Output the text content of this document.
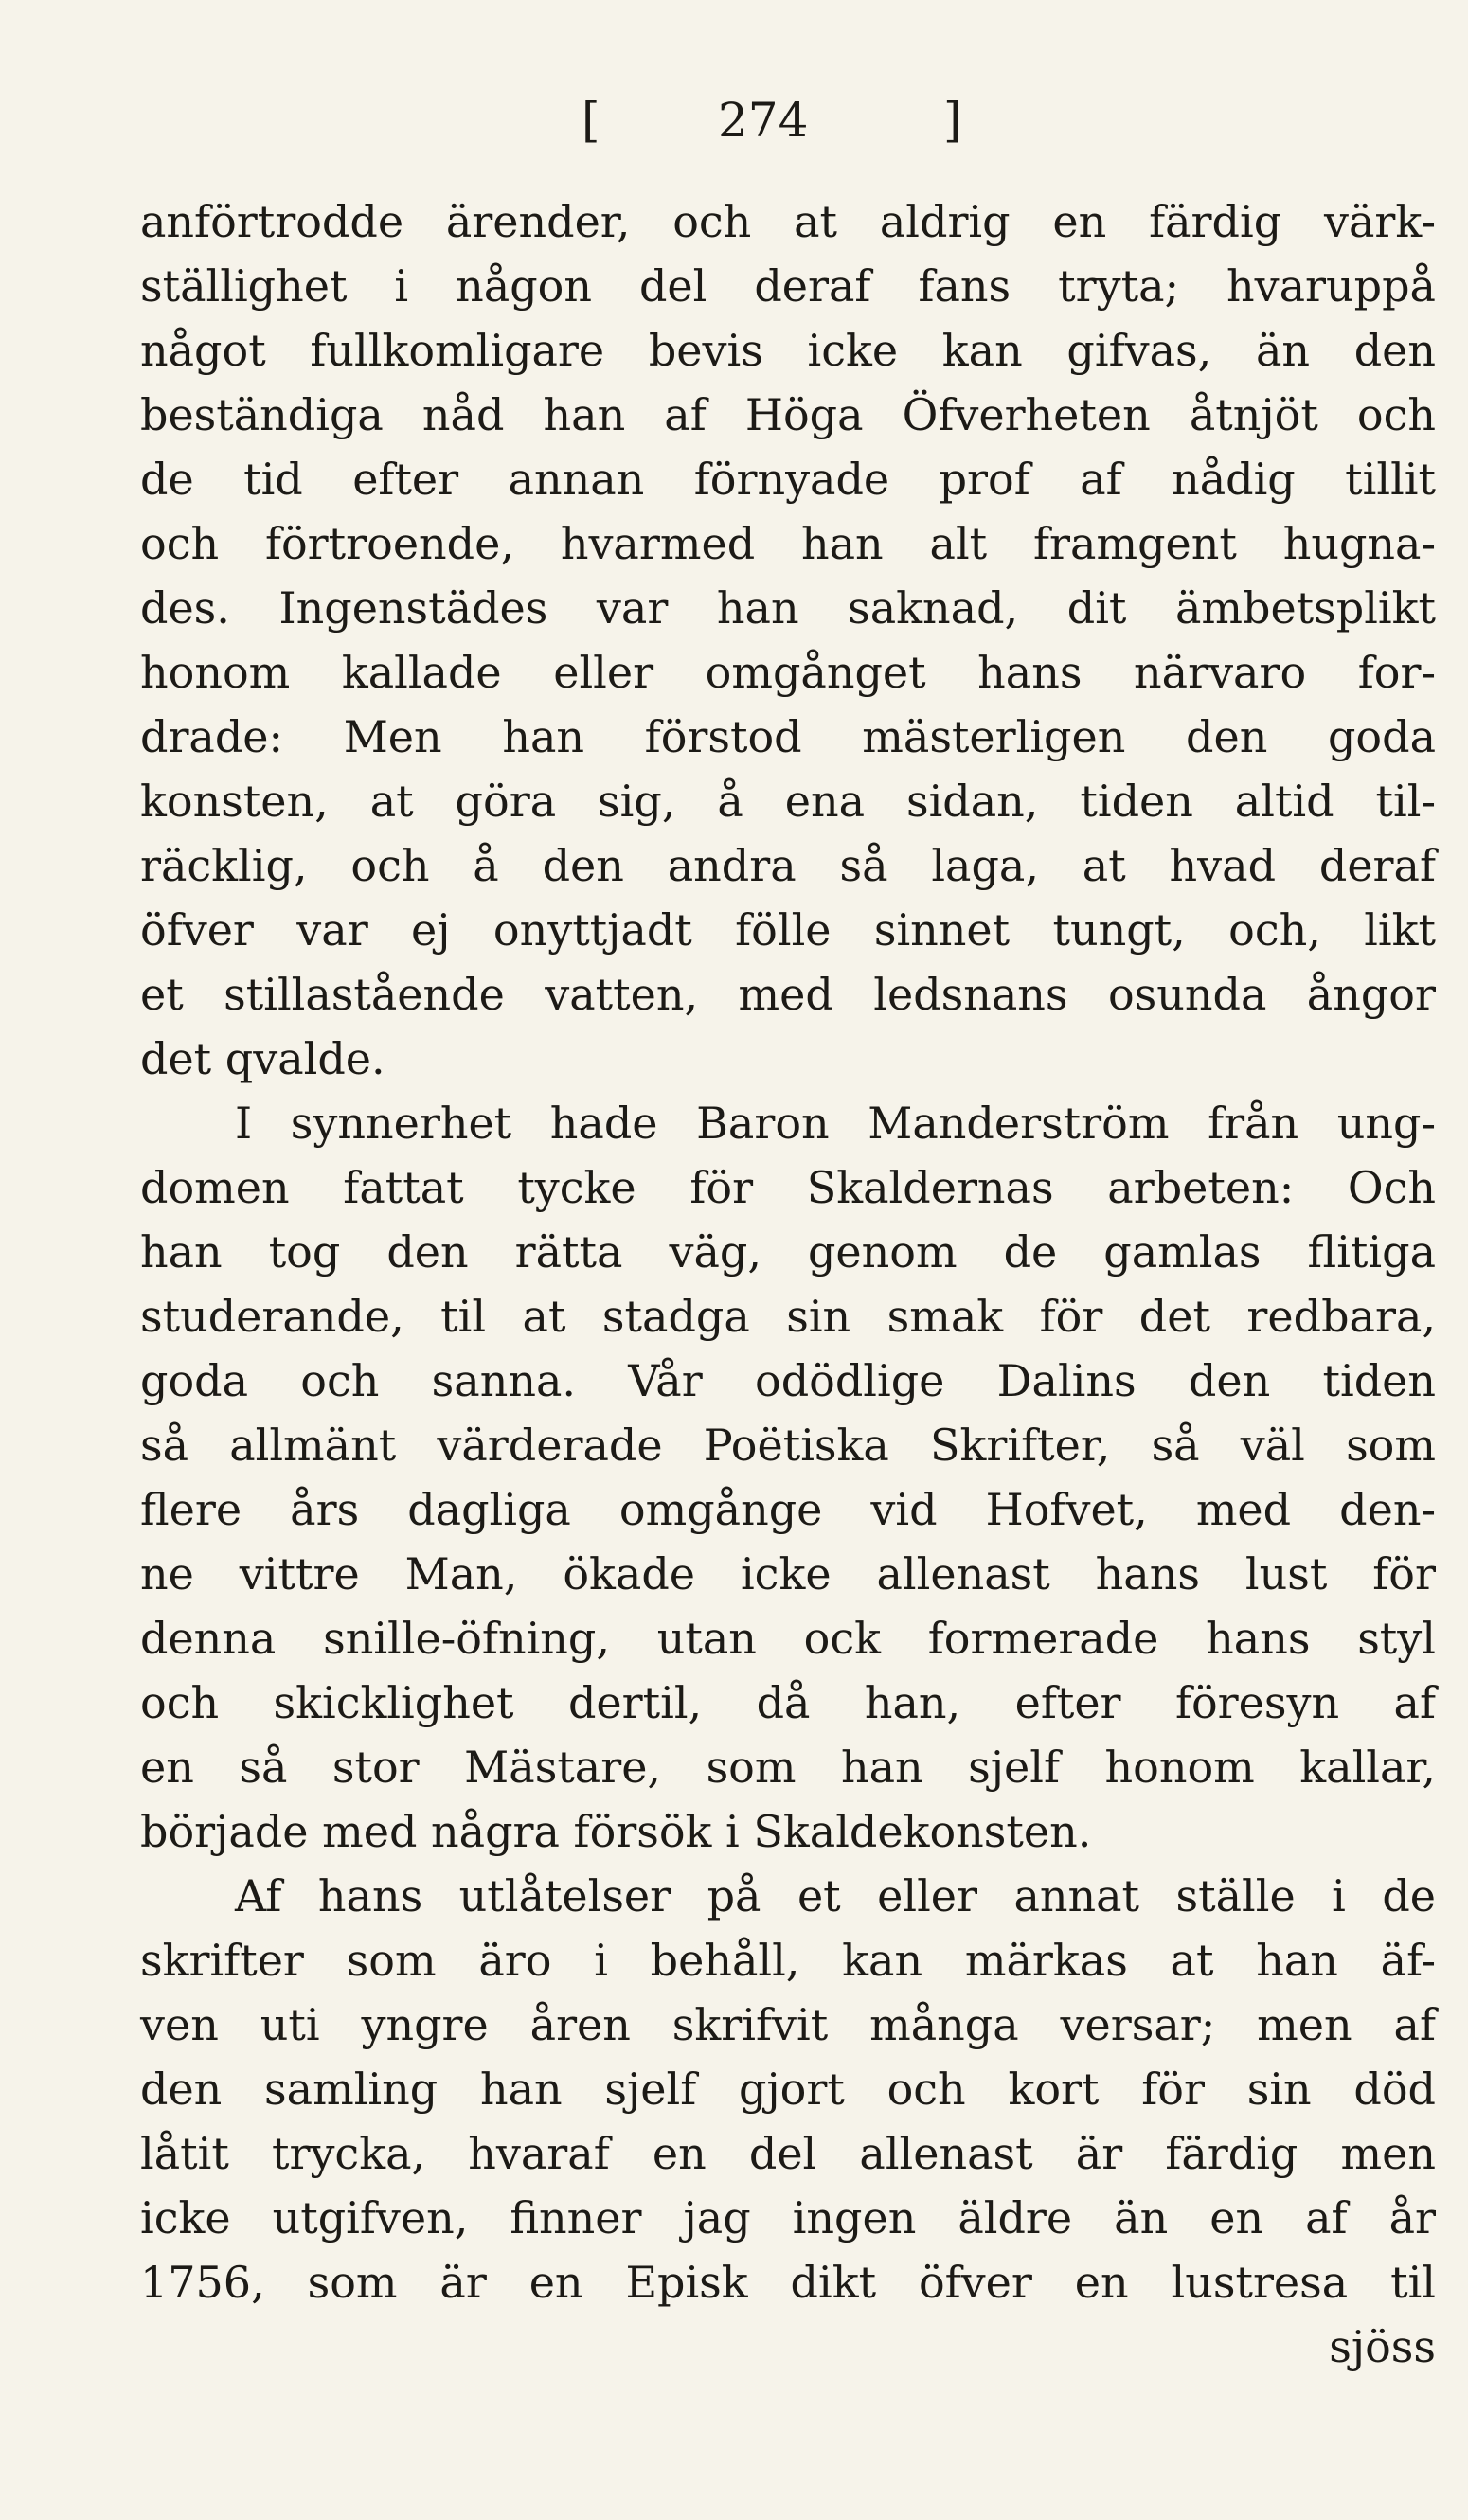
[ 274	]
anförtrodde ärender, och at aldrig en färdig värk-
ställighet i någon del deraf fans tryta; hvaruppå
något fullkomligare bevis icke kan gifvas, än den
beständiga nåd han af Höga Öfverheten åtnjöt och
de tid efter annan förnyade prof af nådig tillit
och förtroende, hvarmed han alt framgent hugna-
des. Ingenstädes var han saknad, dit ämbetsplikt
honom kallade eller omgånget hans närvaro for-
drade: Men han förstod mästerligen den goda
konsten, at göra sig, å ena sidan, tiden altid til-
räcklig, och å den andra så laga, at hvad deraf
öfver var ej onyttjadt fölle sinnet tungt, och, likt
et stillastående vatten, med ledsnans osunda ångor
det qvalde.
I synnerhet hade Baron Manderström från ung-
domen fattat tycke för Skaldernas arbeten: Och
han tog den rätta väg, genom de gamlas flitiga
studerande, til at stadga sin smak för det redbara,
goda och sanna. Vår odödlige Dalins den tiden
så allmänt värderade Poëtiska Skrifter, så väl som
flere års dagliga omgånge vid Hofvet, med den-
ne vittre Man, ökade icke allenast hans lust för
denna snille-öfning, utan ock formerade hans styl
och skicklighet dertil, då han, efter föresyn af
en så stor Mästare, som han sjelf honom kallar,
började med några försök i Skaldekonsten.
Af hans utlåtelser på et eller annat ställe i de
skrifter som äro i behåll, kan märkas at han äf-
ven uti yngre åren skrifvit många versar; men af
den samling han sjelf gjort och kort för sin död
låtit trycka, hvaraf en del allenast är färdig men
icke utgifven, finner jag ingen äldre än en af år
1756, som är en Episk dikt öfver en lustresa til
sjöss
